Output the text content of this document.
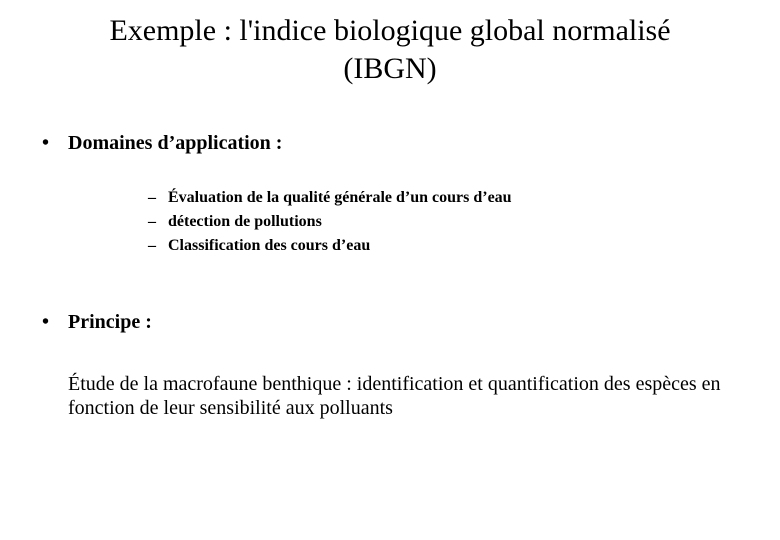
Exemple : l'indice biologique global normalisé
(IBGN)
• Domaines d’application :
– Évaluation de la qualité générale d’un cours d’eau
– détection de pollutions
– Classification des cours d’eau
• Principe :
Étude de la macrofaune benthique : identification et quantification des espèces en fonction de leur sensibilité aux polluants
